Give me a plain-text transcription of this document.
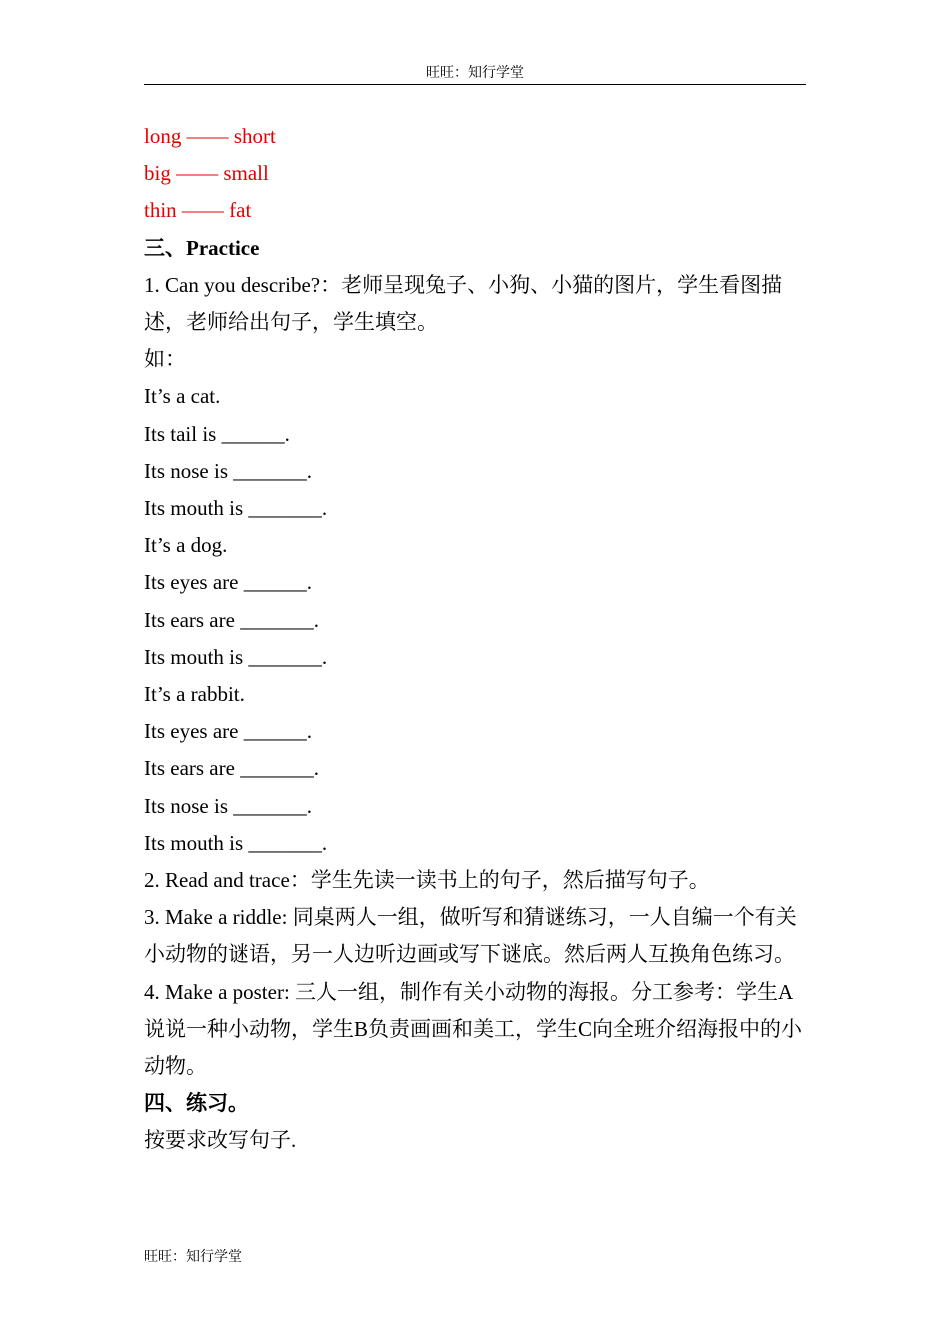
旺旺：知行学堂

long —— short

big —— small

thin —— fat

三、Practice

1. Can you describe?：老师呈现兔子、小狗、小猫的图片，学生看图描述，老师给出句子，学生填空。

如：

It’s a cat.

Its tail is ______.

Its nose is _______.

Its mouth is _______.

It’s a dog.

Its eyes are ______.

Its ears are _______.

Its mouth is _______.

It’s a rabbit.

Its eyes are ______.

Its ears are _______.

Its nose is _______.

Its mouth is _______.

2. Read and trace：学生先读一读书上的句子，然后描写句子。

3. Make a riddle: 同桌两人一组，做听写和猜谜练习，一人自编一个有关小动物的谜语，另一人边听边画或写下谜底。然后两人互换角色练习。

4. Make a poster: 三人一组，制作有关小动物的海报。分工参考：学生A说说一种小动物，学生B负责画画和美工，学生C向全班介绍海报中的小动物。

四、练习。

按要求改写句子.

旺旺：知行学堂
